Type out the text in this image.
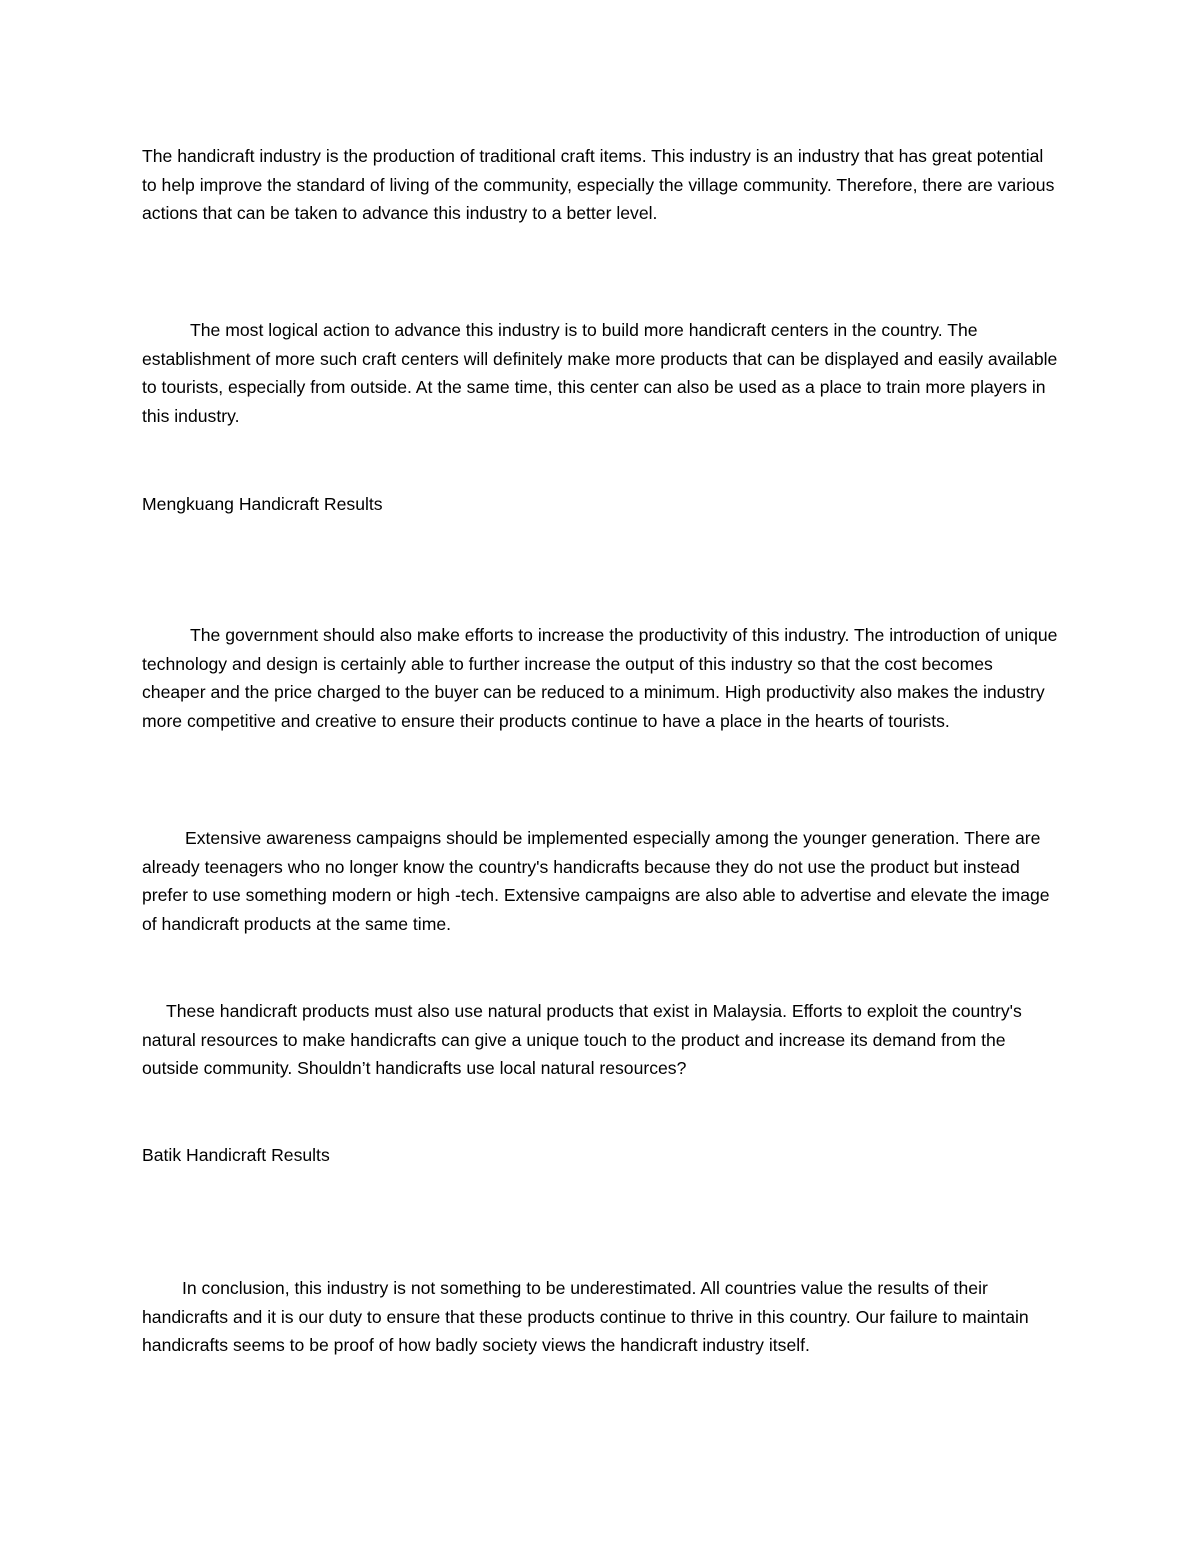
The handicraft industry is the production of traditional craft items. This industry is an industry that has great potential to help improve the standard of living of the community, especially the village community. Therefore, there are various actions that can be taken to advance this industry to a better level.

The most logical action to advance this industry is to build more handicraft centers in the country. The establishment of more such craft centers will definitely make more products that can be displayed and easily available to tourists, especially from outside. At the same time, this center can also be used as a place to train more players in this industry.

Mengkuang Handicraft Results

The government should also make efforts to increase the productivity of this industry. The introduction of unique technology and design is certainly able to further increase the output of this industry so that the cost becomes cheaper and the price charged to the buyer can be reduced to a minimum. High productivity also makes the industry more competitive and creative to ensure their products continue to have a place in the hearts of tourists.

Extensive awareness campaigns should be implemented especially among the younger generation. There are already teenagers who no longer know the country's handicrafts because they do not use the product but instead prefer to use something modern or high -tech. Extensive campaigns are also able to advertise and elevate the image of handicraft products at the same time.

These handicraft products must also use natural products that exist in Malaysia. Efforts to exploit the country's natural resources to make handicrafts can give a unique touch to the product and increase its demand from the outside community. Shouldn’t handicrafts use local natural resources?

Batik Handicraft Results

In conclusion, this industry is not something to be underestimated. All countries value the results of their handicrafts and it is our duty to ensure that these products continue to thrive in this country. Our failure to maintain handicrafts seems to be proof of how badly society views the handicraft industry itself.
